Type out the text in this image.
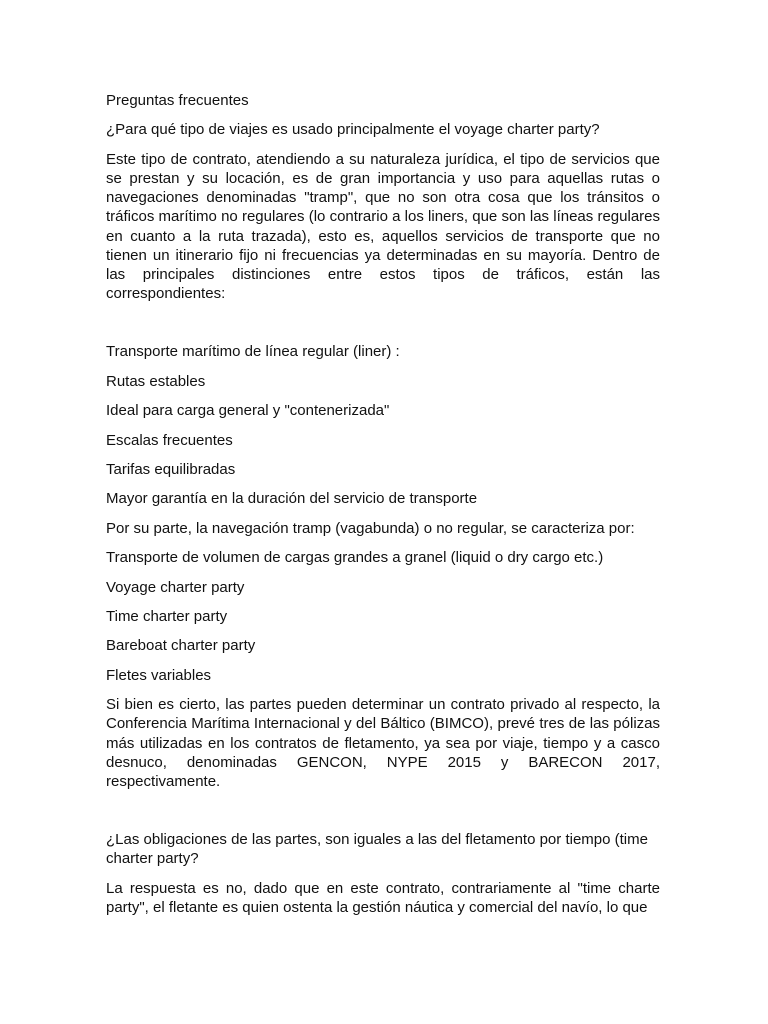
Preguntas frecuentes

¿Para qué tipo de viajes es usado principalmente el voyage charter party?

Este tipo de contrato, atendiendo a su naturaleza jurídica, el tipo de servicios que se prestan y su locación, es de gran importancia y uso para aquellas rutas o navegaciones denominadas "tramp", que no son otra cosa que los tránsitos o tráficos marítimo no regulares (lo contrario a los liners, que son las líneas regulares en cuanto a la ruta trazada), esto es, aquellos servicios de transporte que no tienen un itinerario fijo ni frecuencias ya determinadas en su mayoría. Dentro de las principales distinciones entre estos tipos de tráficos, están las correspondientes:

Transporte marítimo de línea regular (liner) :

Rutas estables

Ideal para carga general y "contenerizada"

Escalas frecuentes

Tarifas equilibradas

Mayor garantía en la duración del servicio de transporte

Por su parte, la navegación tramp (vagabunda) o no regular, se caracteriza por:

Transporte de volumen de cargas grandes a granel (liquid o dry cargo etc.)

Voyage charter party

Time charter party

Bareboat charter party

Fletes variables

Si bien es cierto, las partes pueden determinar un contrato privado al respecto, la Conferencia Marítima Internacional y del Báltico (BIMCO), prevé tres de las pólizas más utilizadas en los contratos de fletamento, ya sea por viaje, tiempo y a casco desnuco, denominadas GENCON, NYPE 2015 y BARECON 2017, respectivamente.

¿Las obligaciones de las partes, son iguales a las del fletamento por tiempo (time charter party?

La respuesta es no, dado que en este contrato, contrariamente al "time charte party", el fletante es quien ostenta la gestión náutica y comercial del navío, lo que
